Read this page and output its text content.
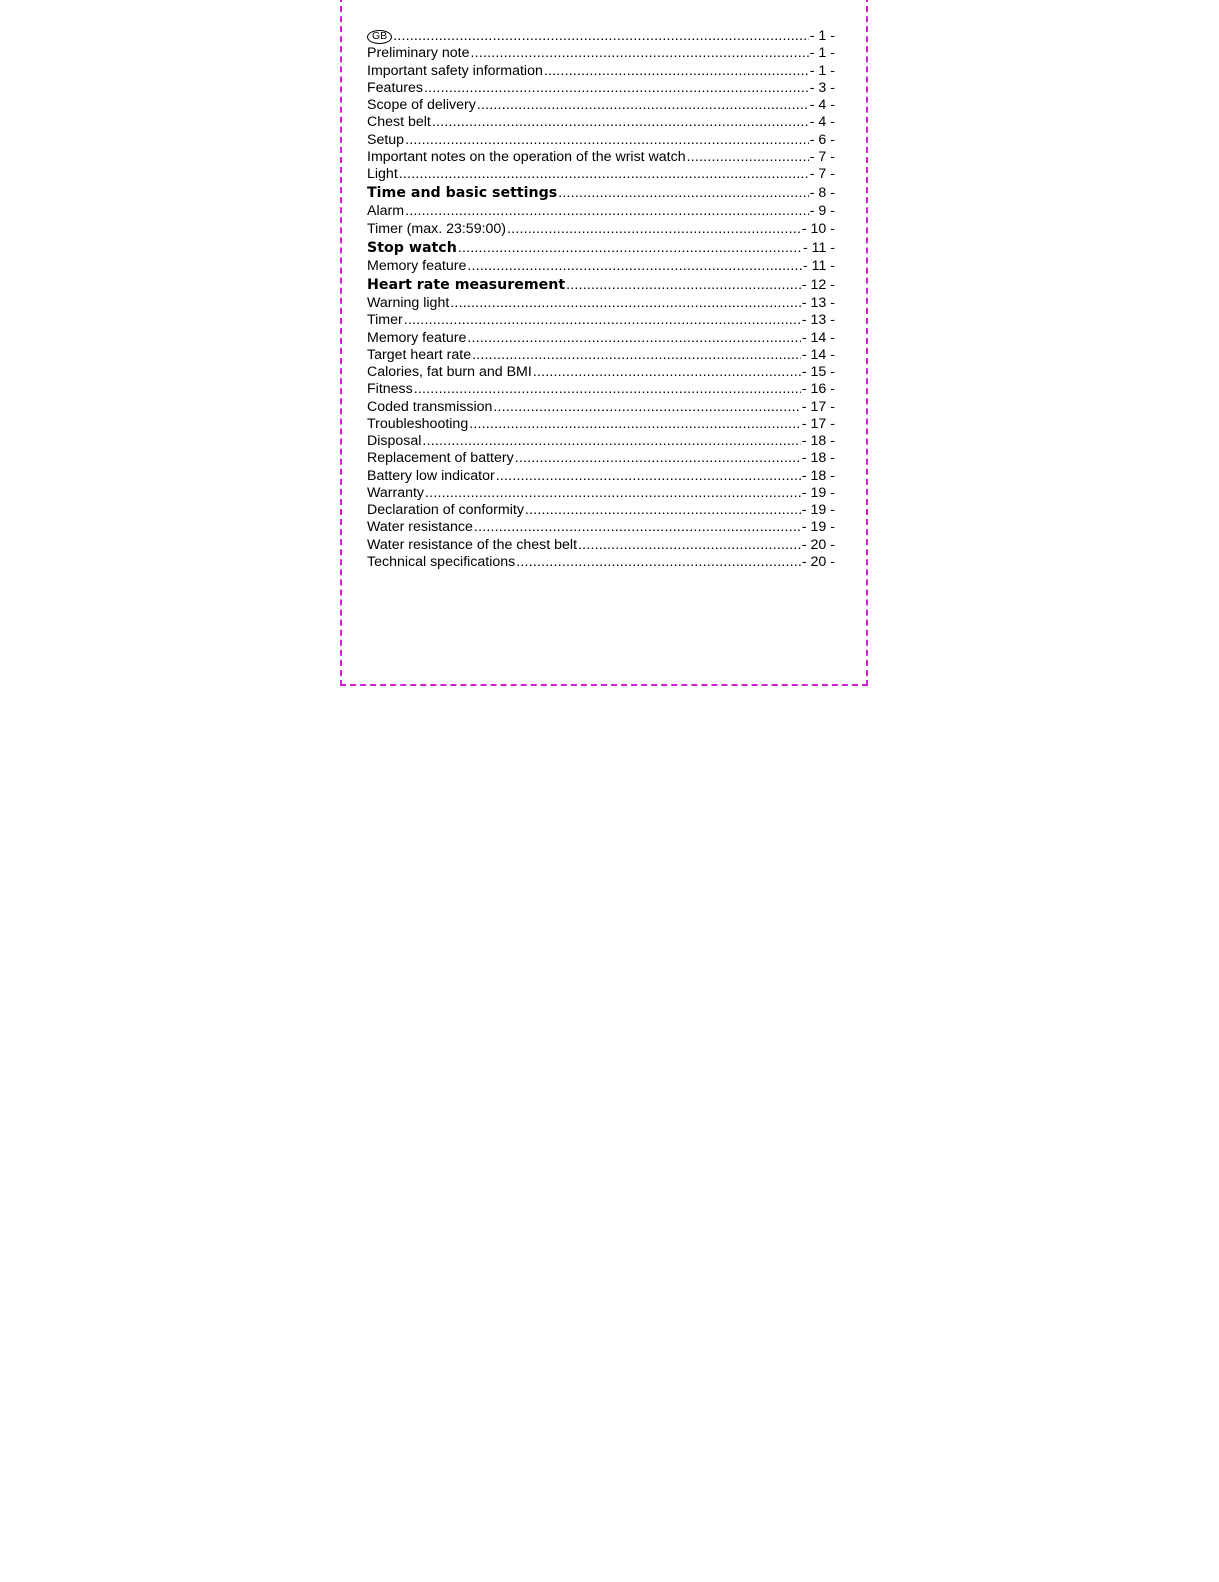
GB .....	- 1 -
Preliminary note .....	- 1 -
Important safety information .....	- 1 -
Features .....	- 3 -
Scope of delivery .....	- 4 -
Chest belt .....	- 4 -
Setup .....	- 6 -
Important notes on the operation of the wrist watch .....	- 7 -
Light .....	- 7 -
Time and basic settings .....	- 8 -
Alarm .....	- 9 -
Timer (max. 23:59:00) .....	- 10 -
Stop watch .....	- 11 -
Memory feature .....	- 11 -
Heart rate measurement .....	- 12 -
Warning light .....	- 13 -
Timer .....	- 13 -
Memory feature .....	- 14 -
Target heart rate .....	- 14 -
Calories, fat burn and BMI .....	- 15 -
Fitness .....	- 16 -
Coded transmission .....	- 17 -
Troubleshooting .....	- 17 -
Disposal .....	- 18 -
Replacement of battery .....	- 18 -
Battery low indicator .....	- 18 -
Warranty .....	- 19 -
Declaration of conformity .....	- 19 -
Water resistance .....	- 19 -
Water resistance of the chest belt .....	- 20 -
Technical specifications .....	- 20 -
